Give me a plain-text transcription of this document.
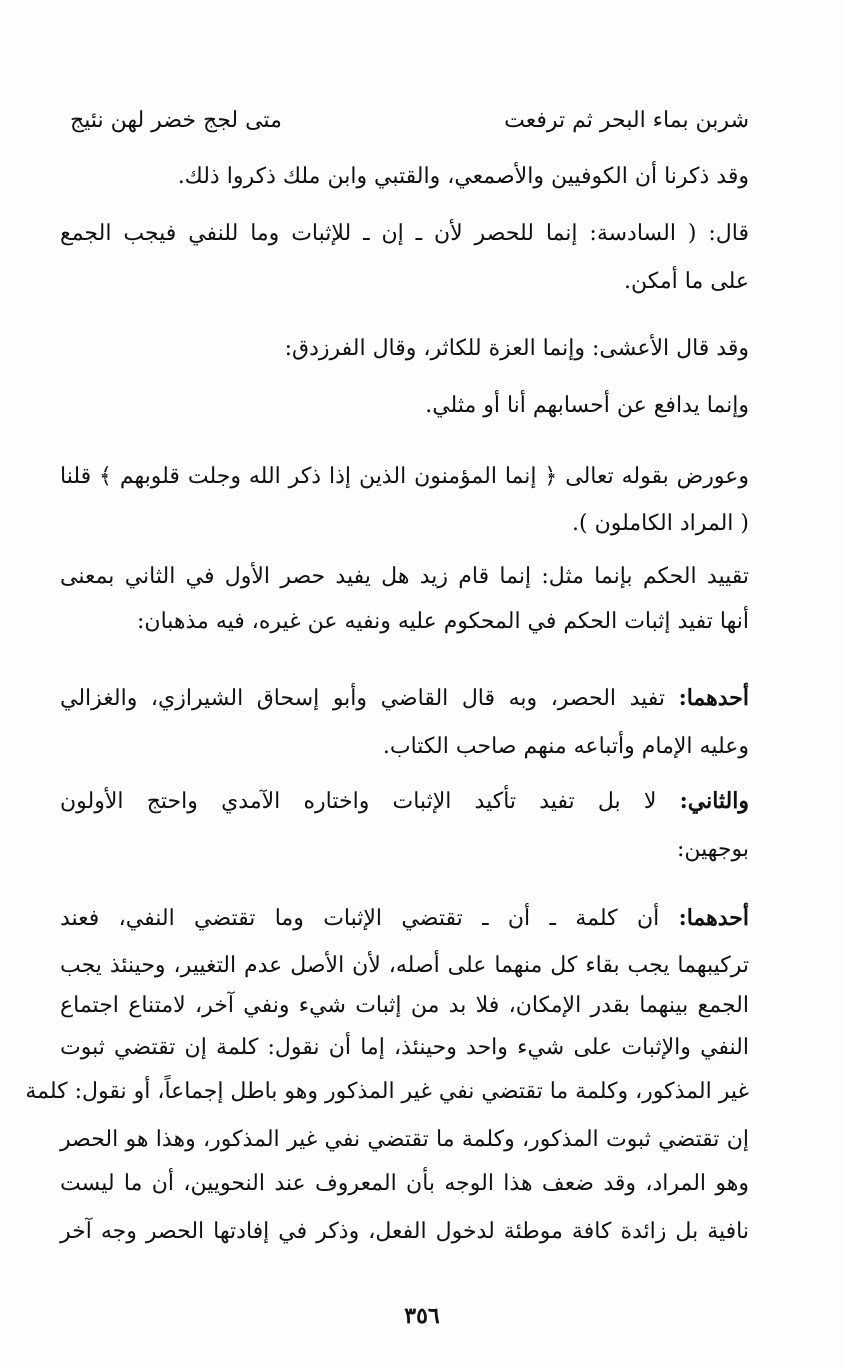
شربن بماء البحر ثم ترفعت
متى لجج خضر لهن نئيج
وقد ذكرنا أن الكوفيين والأصمعي، والقتبي وابن ملك ذكروا ذلك.
قال: ( السادسة: إنما للحصر لأن ـ إن ـ للإثبات وما للنفي فيجب الجمع
على ما أمكن.
وقد قال الأعشى: وإنما العزة للكاثر، وقال الفرزدق:
وإنما يدافع عن أحسابهم أنا أو مثلي.
وعورض بقوله تعالى ﴿ إنما المؤمنون الذين إذا ذكر الله وجلت قلوبهم ﴾ قلنا
( المراد الكاملون ).
تقييد الحكم بإنما مثل: إنما قام زيد هل يفيد حصر الأول في الثاني بمعنى
أنها تفيد إثبات الحكم في المحكوم عليه ونفيه عن غيره، فيه مذهبان:
أحدهما: تفيد الحصر، وبه قال القاضي وأبو إسحاق الشيرازي، والغزالي
وعليه الإمام وأتباعه منهم صاحب الكتاب.
والثاني: لا بل تفيد تأكيد الإثبات واختاره الآمدي واحتج الأولون
بوجهين:
أحدهما: أن كلمة ـ أن ـ تقتضي الإثبات وما تقتضي النفي، فعند
تركيبهما يجب بقاء كل منهما على أصله، لأن الأصل عدم التغيير، وحينئذ يجب
الجمع بينهما بقدر الإمكان، فلا بد من إثبات شيء ونفي آخر، لامتناع اجتماع
النفي والإثبات على شيء واحد وحينئذ، إما أن نقول: كلمة إن تقتضي ثبوت
غير المذكور، وكلمة ما تقتضي نفي غير المذكور وهو باطل إجماعاً، أو نقول: كلمة
إن تقتضي ثبوت المذكور، وكلمة ما تقتضي نفي غير المذكور، وهذا هو الحصر
وهو المراد، وقد ضعف هذا الوجه بأن المعروف عند النحويين، أن ما ليست
نافية بل زائدة كافة موطئة لدخول الفعل، وذكر في إفادتها الحصر وجه آخر
٣٥٦
